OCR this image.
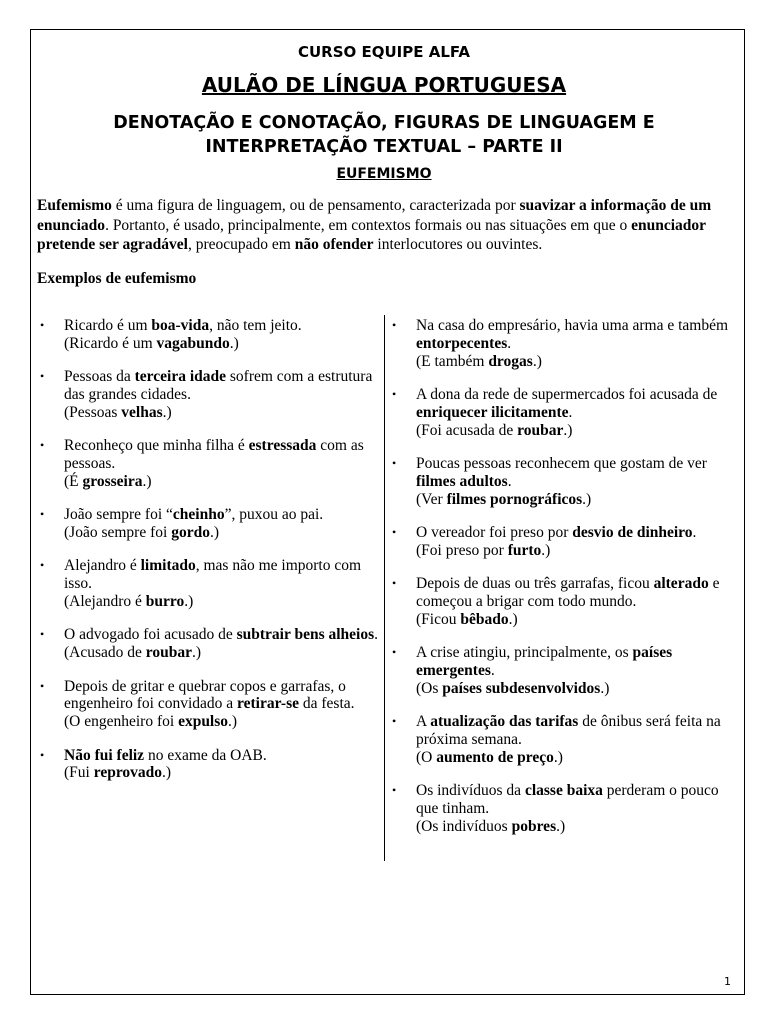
CURSO EQUIPE ALFA
AULÃO DE LÍNGUA PORTUGUESA
DENOTAÇÃO E CONOTAÇÃO, FIGURAS DE LINGUAGEM E
INTERPRETAÇÃO TEXTUAL – PARTE II
EUFEMISMO

Eufemismo é uma figura de linguagem, ou de pensamento, caracterizada por suavizar a informação de um enunciado. Portanto, é usado, principalmente, em contextos formais ou nas situações em que o enunciador pretende ser agradável, preocupado em não ofender interlocutores ou ouvintes.

Exemplos de eufemismo
• Ricardo é um boa-vida, não tem jeito.
(Ricardo é um vagabundo.)
• Pessoas da terceira idade sofrem com a estrutura das grandes cidades.
(Pessoas velhas.)
• Reconheço que minha filha é estressada com as pessoas.
(É grosseira.)
• João sempre foi “cheinho”, puxou ao pai.
(João sempre foi gordo.)
• Alejandro é limitado, mas não me importo com isso.
(Alejandro é burro.)
• O advogado foi acusado de subtrair bens alheios.
(Acusado de roubar.)
• Depois de gritar e quebrar copos e garrafas, o engenheiro foi convidado a retirar-se da festa.
(O engenheiro foi expulso.)
• Não fui feliz no exame da OAB.
(Fui reprovado.)
• Na casa do empresário, havia uma arma e também entorpecentes.
(E também drogas.)
• A dona da rede de supermercados foi acusada de enriquecer ilicitamente.
(Foi acusada de roubar.)
• Poucas pessoas reconhecem que gostam de ver filmes adultos.
(Ver filmes pornográficos.)
• O vereador foi preso por desvio de dinheiro.
(Foi preso por furto.)
• Depois de duas ou três garrafas, ficou alterado e começou a brigar com todo mundo.
(Ficou bêbado.)
• A crise atingiu, principalmente, os países emergentes.
(Os países subdesenvolvidos.)
• A atualização das tarifas de ônibus será feita na próxima semana.
(O aumento de preço.)
• Os indivíduos da classe baixa perderam o pouco que tinham.
(Os indivíduos pobres.)
1
